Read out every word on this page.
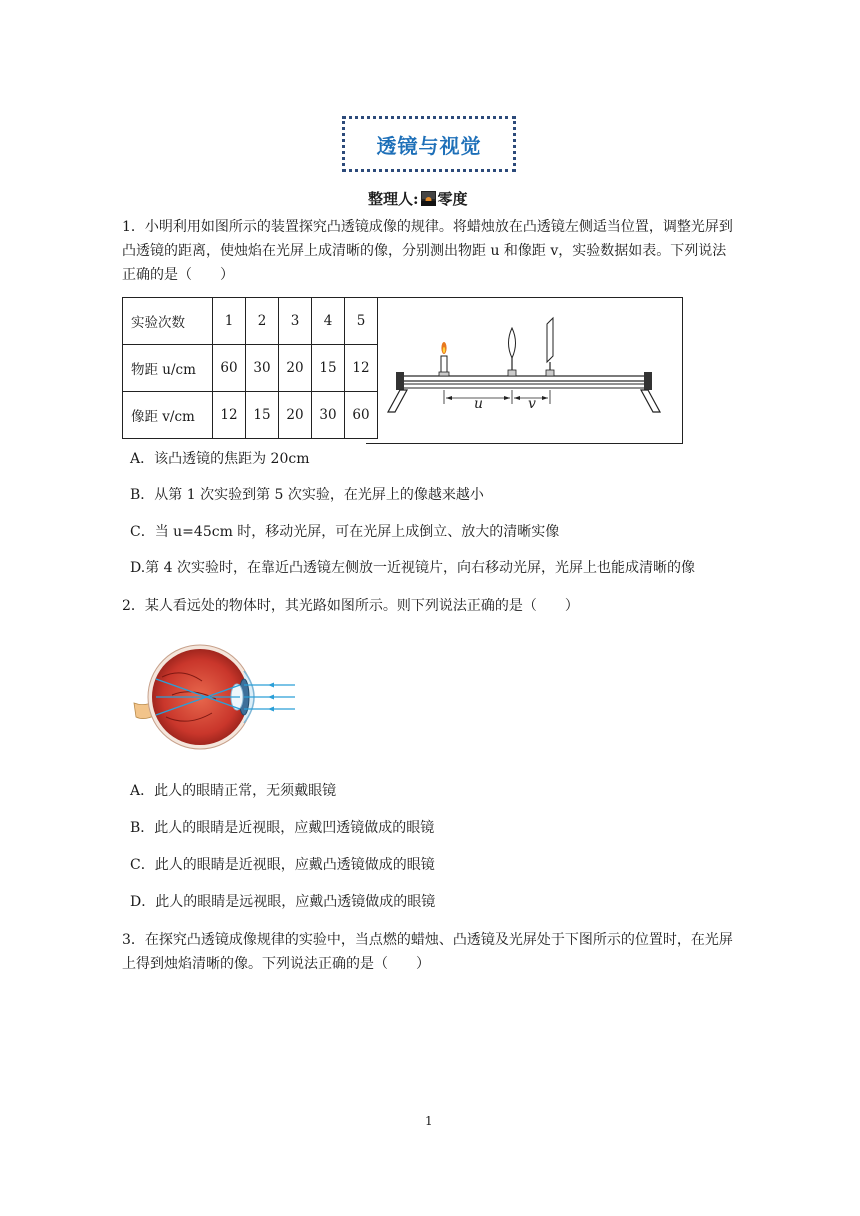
透镜与视觉
整理人: 零度
1．小明利用如图所示的装置探究凸透镜成像的规律。将蜡烛放在凸透镜左侧适当位置，调整光屏到凸透镜的距离，使烛焰在光屏上成清晰的像，分别测出物距 u 和像距 v，实验数据如表。下列说法正确的是（　　）
实验次数	1	2	3	4	5
物距 u/cm	60	30	20	15	12
像距 v/cm	12	15	20	30	60
u	v
A．该凸透镜的焦距为 20cm
B．从第 1 次实验到第 5 次实验，在光屏上的像越来越小
C．当 u=45cm 时，移动光屏，可在光屏上成倒立、放大的清晰实像
D.第 4 次实验时，在靠近凸透镜左侧放一近视镜片，向右移动光屏，光屏上也能成清晰的像
2．某人看远处的物体时，其光路如图所示。则下列说法正确的是（　　）
A．此人的眼睛正常，无须戴眼镜
B．此人的眼睛是近视眼，应戴凹透镜做成的眼镜
C．此人的眼睛是近视眼，应戴凸透镜做成的眼镜
D．此人的眼睛是远视眼，应戴凸透镜做成的眼镜
3．在探究凸透镜成像规律的实验中，当点燃的蜡烛、凸透镜及光屏处于下图所示的位置时，在光屏上得到烛焰清晰的像。下列说法正确的是（　　）
1
